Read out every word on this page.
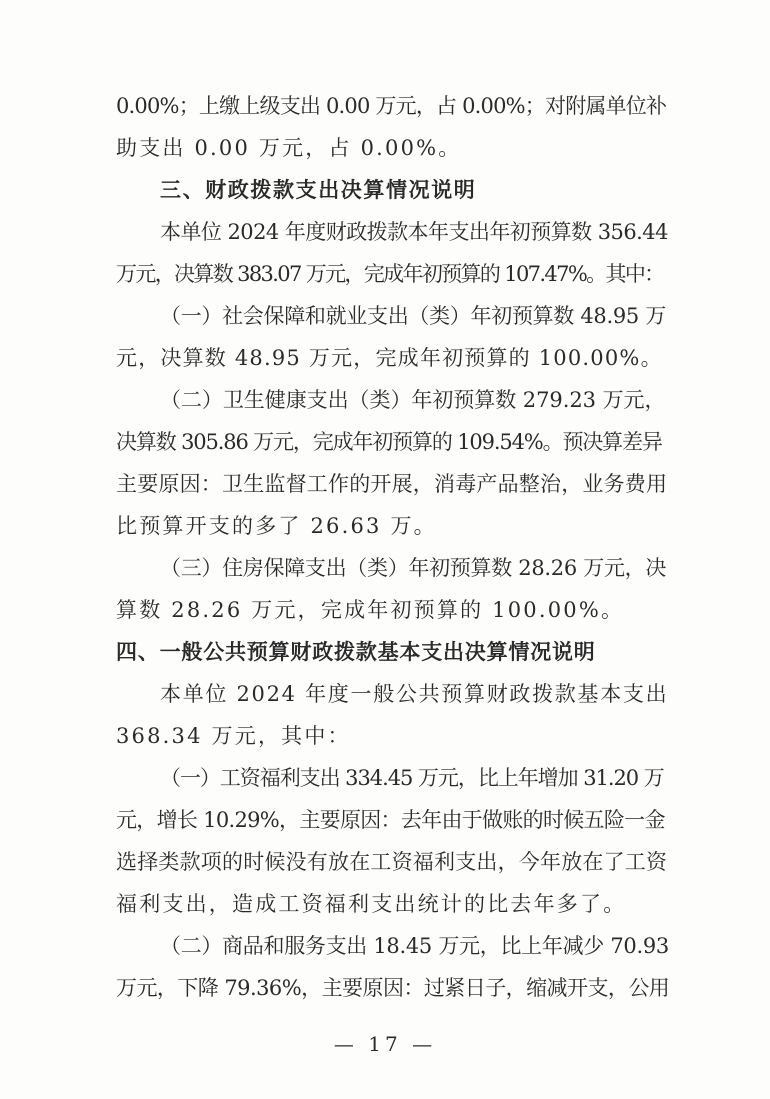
0.00%；上缴上级支出 0.00 万元，占 0.00%；对附属单位补
助支出 0.00 万元，占 0.00%。
三、财政拨款支出决算情况说明
本单位 2024 年度财政拨款本年支出年初预算数 356.44
万元，决算数 383.07 万元，完成年初预算的 107.47%。其中：
（一）社会保障和就业支出（类）年初预算数 48.95 万
元，决算数 48.95 万元，完成年初预算的 100.00%。
（二）卫生健康支出（类）年初预算数 279.23 万元，
决算数 305.86 万元，完成年初预算的 109.54%。预决算差异
主要原因：卫生监督工作的开展，消毒产品整治，业务费用
比预算开支的多了 26.63 万。
（三）住房保障支出（类）年初预算数 28.26 万元，决
算数 28.26 万元，完成年初预算的 100.00%。
四、一般公共预算财政拨款基本支出决算情况说明
本单位 2024 年度一般公共预算财政拨款基本支出
368.34 万元，其中：
（一）工资福利支出 334.45 万元，比上年增加 31.20 万
元，增长 10.29%，主要原因：去年由于做账的时候五险一金
选择类款项的时候没有放在工资福利支出，今年放在了工资
福利支出，造成工资福利支出统计的比去年多了。
（二）商品和服务支出 18.45 万元，比上年减少 70.93
万元，下降 79.36%，主要原因：过紧日子，缩减开支，公用
— 17 —
